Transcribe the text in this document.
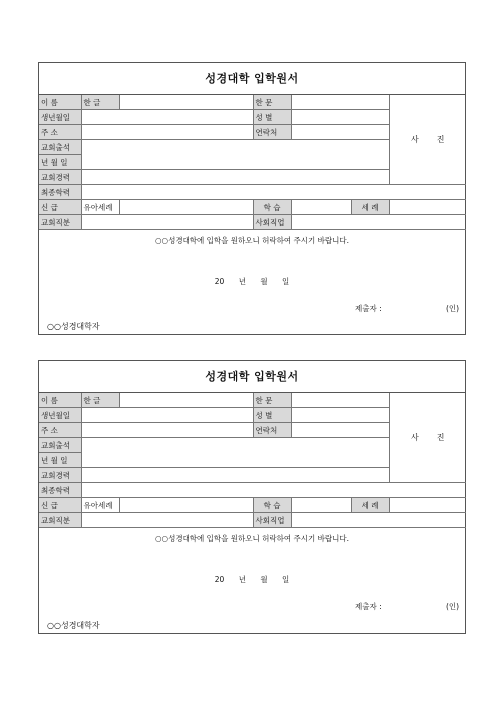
성경대학 입학원서
이 름	한 글		한 문			사 진
생년월일			성 별			
주 소			연락처			
교회출석						
년 월 일						
교회경력						
최종학력						
신 급	유아세례		학 습		세 례	
교회직분			사회직업			
○○성경대학에 입학을 원하오니 허락하여 주시기 바랍니다.
20 년 월 일
제출자 :	(인)
○○성경대학자
성경대학 입학원서
이 름	한 글		한 문			사 진
생년월일			성 별			
주 소			연락처			
교회출석						
년 월 일						
교회경력						
최종학력						
신 급	유아세례		학 습		세 례	
교회직분			사회직업			
○○성경대학에 입학을 원하오니 허락하여 주시기 바랍니다.
20 년 월 일
제출자 :	(인)
○○성경대학자
